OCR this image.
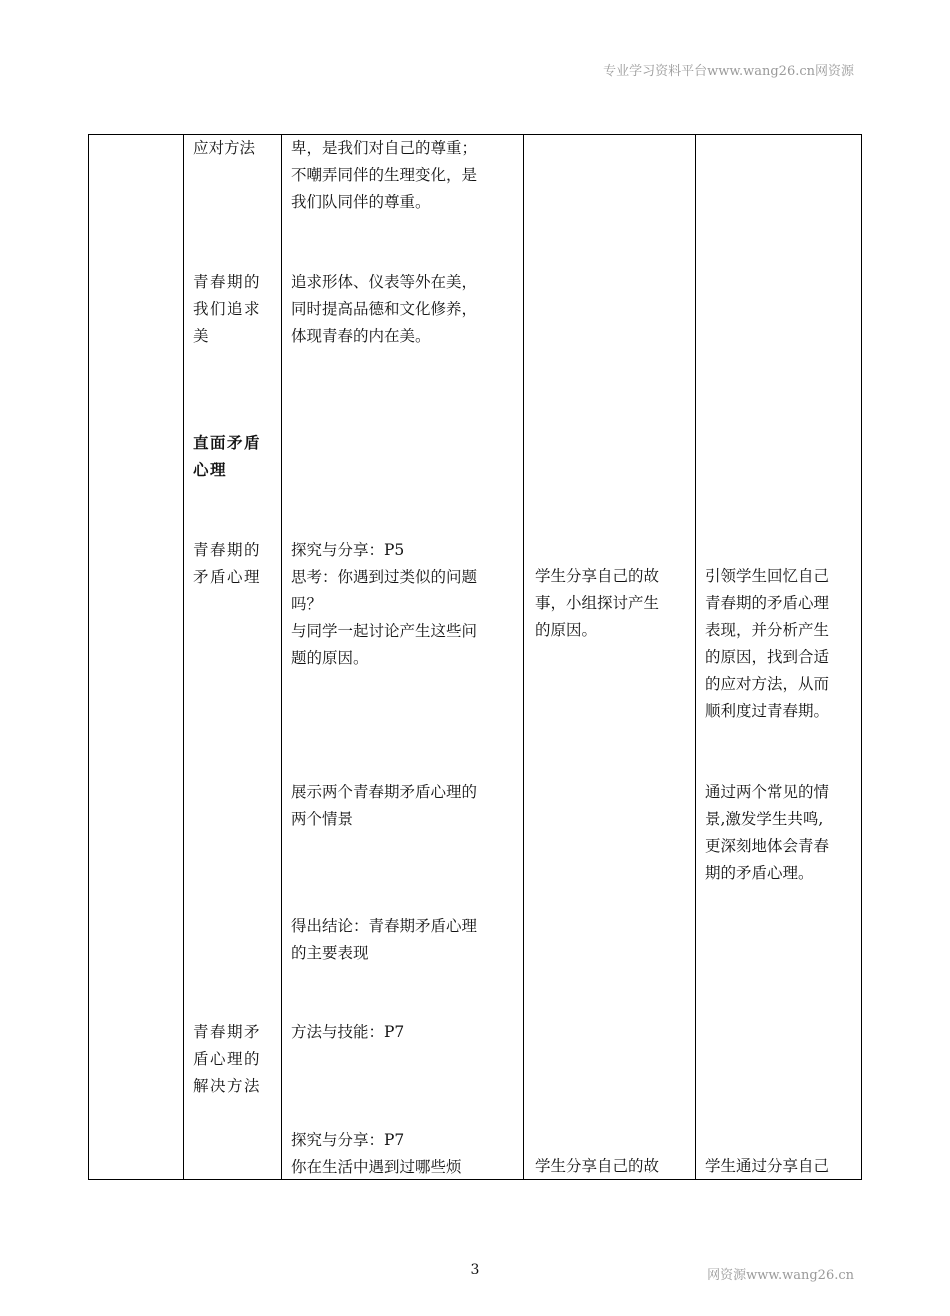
专业学习资料平台www.wang26.cn网资源
应对方法
青春期的
我们追求
美
直面矛盾
心理
青春期的
矛盾心理
青春期矛
盾心理的
解决方法
卑，是我们对自己的尊重；
不嘲弄同伴的生理变化，是
我们队同伴的尊重。
追求形体、仪表等外在美，
同时提高品德和文化修养，
体现青春的内在美。
探究与分享：P5
思考：你遇到过类似的问题
吗？
与同学一起讨论产生这些问
题的原因。
展示两个青春期矛盾心理的
两个情景
得出结论：青春期矛盾心理
的主要表现
方法与技能：P7
探究与分享：P7
你在生活中遇到过哪些烦
学生分享自己的故
事，小组探讨产生
的原因。
学生分享自己的故
引领学生回忆自己
青春期的矛盾心理
表现，并分析产生
的原因，找到合适
的应对方法，从而
顺利度过青春期。
通过两个常见的情
景,激发学生共鸣,
更深刻地体会青春
期的矛盾心理。
学生通过分享自己
3	网资源www.wang26.cn
